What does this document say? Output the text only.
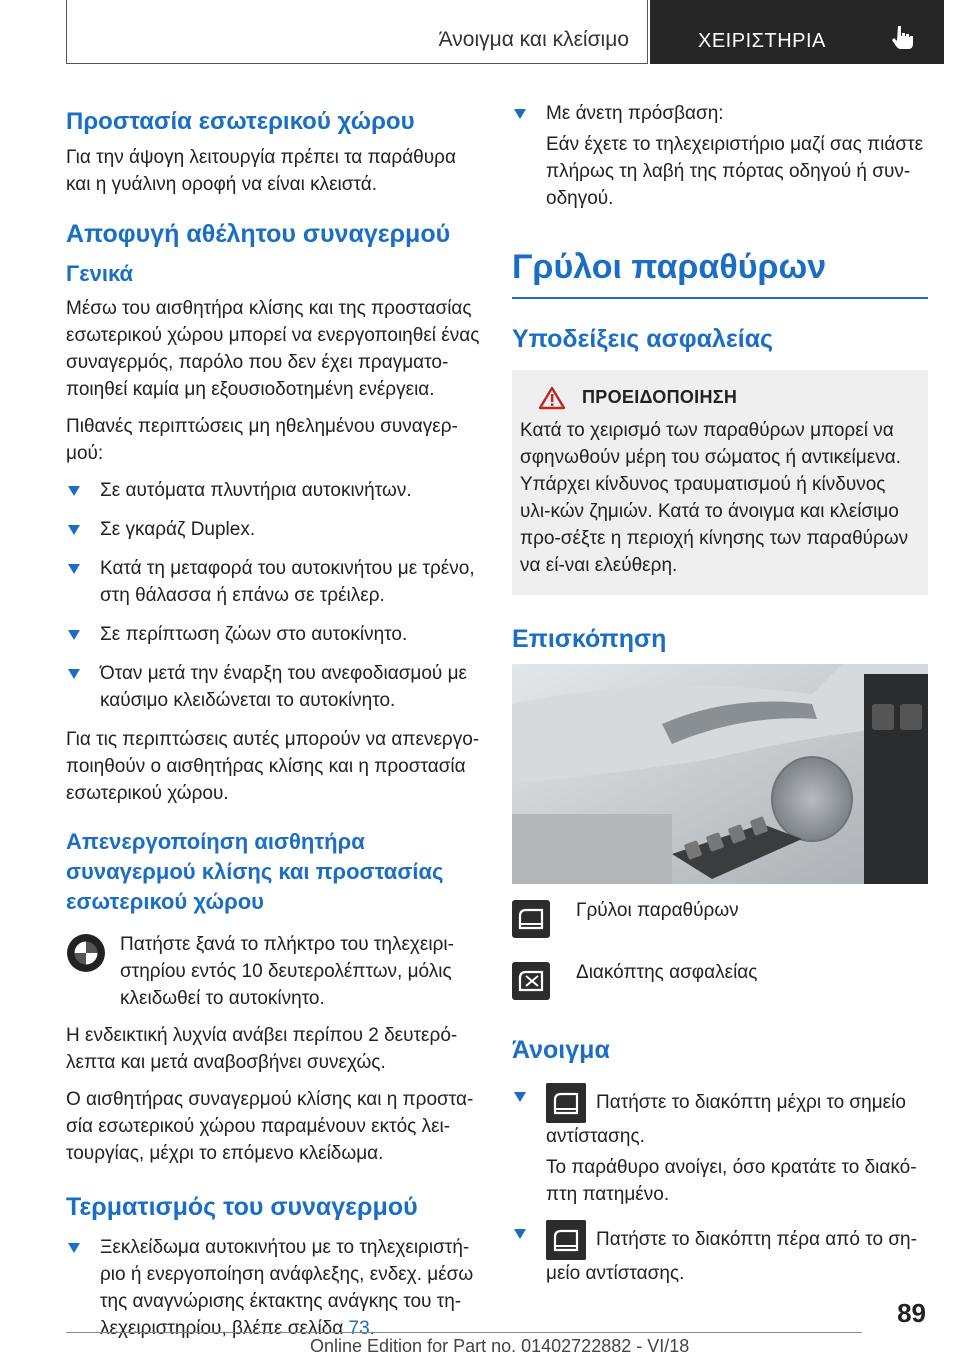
Άνοιγμα και κλείσιμο	ΧΕΙΡΙΣΤΗΡΙΑ
Προστασία εσωτερικού χώρου

Για την άψογη λειτουργία πρέπει τα παράθυρα και η γυάλινη οροφή να είναι κλειστά.

Αποφυγή αθέλητου συναγερμού
Γενικά

Μέσω του αισθητήρα κλίσης και της προστασίας εσωτερικού χώρου μπορεί να ενεργοποιηθεί ένας συναγερμός, παρόλο που δεν έχει πραγματο‐ποιηθεί καμία μη εξουσιοδοτημένη ενέργεια.

Πιθανές περιπτώσεις μη ηθελημένου συναγερ‐μού:

Σε αυτόματα πλυντήρια αυτοκινήτων.
Σε γκαράζ Duplex.
Κατά τη μεταφορά του αυτοκινήτου με τρένο, στη θάλασσα ή επάνω σε τρέιλερ.
Σε περίπτωση ζώων στο αυτοκίνητο.
Όταν μετά την έναρξη του ανεφοδιασμού με καύσιμο κλειδώνεται το αυτοκίνητο.

Για τις περιπτώσεις αυτές μπορούν να απενεργο‐ποιηθούν ο αισθητήρας κλίσης και η προστασία εσωτερικού χώρου.

Απενεργοποίηση αισθητήρα συναγερμού κλίσης και προστασίας εσωτερικού χώρου
Πατήστε ξανά το πλήκτρο του τηλεχειρι‐στηρίου εντός 10 δευτερολέπτων, μόλις κλειδωθεί το αυτοκίνητο.

Η ενδεικτική λυχνία ανάβει περίπου 2 δευτερό‐λεπτα και μετά αναβοσβήνει συνεχώς.

Ο αισθητήρας συναγερμού κλίσης και η προστα‐σία εσωτερικού χώρου παραμένουν εκτός λει‐τουργίας, μέχρι το επόμενο κλείδωμα.

Τερματισμός του συναγερμού
Ξεκλείδωμα αυτοκινήτου με το τηλεχειριστή‐ριο ή ενεργοποίηση ανάφλεξης, ενδεχ. μέσω της αναγνώρισης έκτακτης ανάγκης του τη‐λεχειριστηρίου, βλέπε σελίδα 73.
Με άνετη πρόσβαση:
Εάν έχετε το τηλεχειριστήριο μαζί σας πιάστε πλήρως τη λαβή της πόρτας οδηγού ή συν‐οδηγού.
Γρύλοι παραθύρων
Υποδείξεις ασφαλείας
ΠΡΟΕΙΔΟΠΟΙΗΣΗ
Κατά το χειρισμό των παραθύρων μπορεί να σφηνωθούν μέρη του σώματος ή αντικείμενα. Υπάρχει κίνδυνος τραυματισμού ή κίνδυνος υλι‐κών ζημιών. Κατά το άνοιγμα και κλείσιμο προ‐σέξτε η περιοχή κίνησης των παραθύρων να εί‐ναι ελεύθερη.
Επισκόπηση
Γρύλοι παραθύρων
Διακόπτης ασφαλείας
Άνοιγμα
Πατήστε το διακόπτη μέχρι το σημείο αντίστασης.
Το παράθυρο ανοίγει, όσο κρατάτε το διακό‐πτη πατημένο.
Πατήστε το διακόπτη πέρα από το ση‐μείο αντίστασης.
89
Online Edition for Part no. 01402722882 - VI/18
